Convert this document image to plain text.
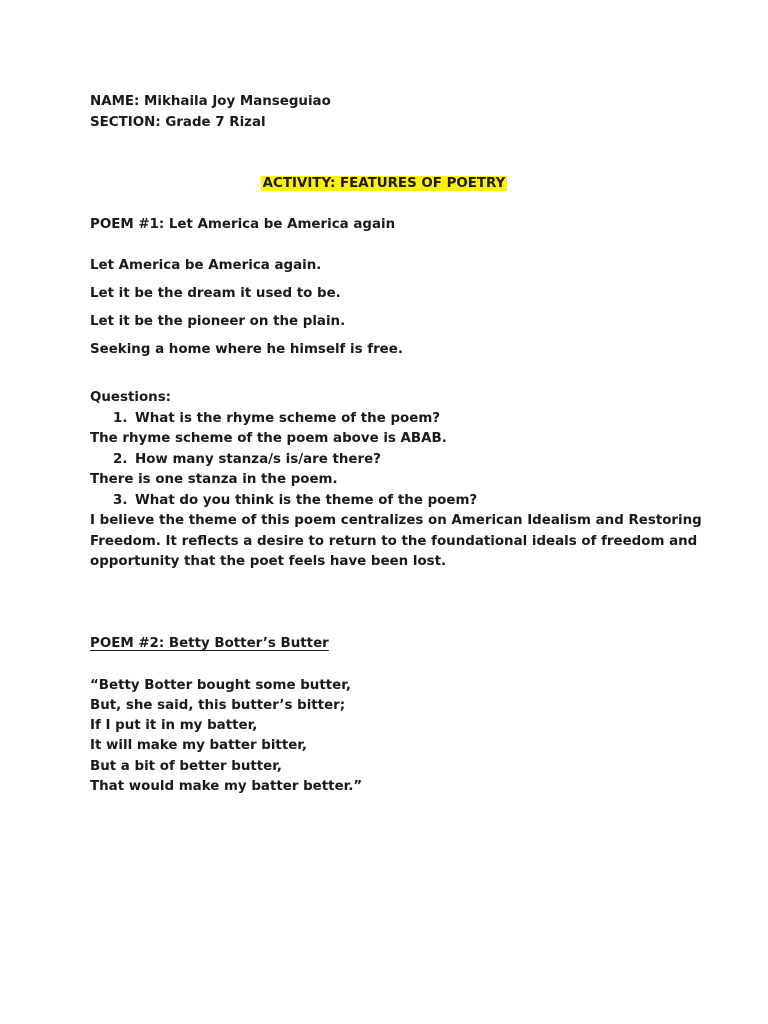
NAME: Mikhaila Joy Manseguiao
SECTION: Grade 7 Rizal
ACTIVITY: FEATURES OF POETRY
POEM #1: Let America be America again
Let America be America again.
Let it be the dream it used to be.
Let it be the pioneer on the plain.
Seeking a home where he himself is free.
Questions:
1. What is the rhyme scheme of the poem?
The rhyme scheme of the poem above is ABAB.
2. How many stanza/s is/are there?
There is one stanza in the poem.
3. What do you think is the theme of the poem?
I believe the theme of this poem centralizes on American Idealism and Restoring
Freedom. It reflects a desire to return to the foundational ideals of freedom and
opportunity that the poet feels have been lost.
POEM #2: Betty Botter’s Butter
“Betty Botter bought some butter,
But, she said, this butter’s bitter;
If I put it in my batter,
It will make my batter bitter,
But a bit of better butter,
That would make my batter better.”
